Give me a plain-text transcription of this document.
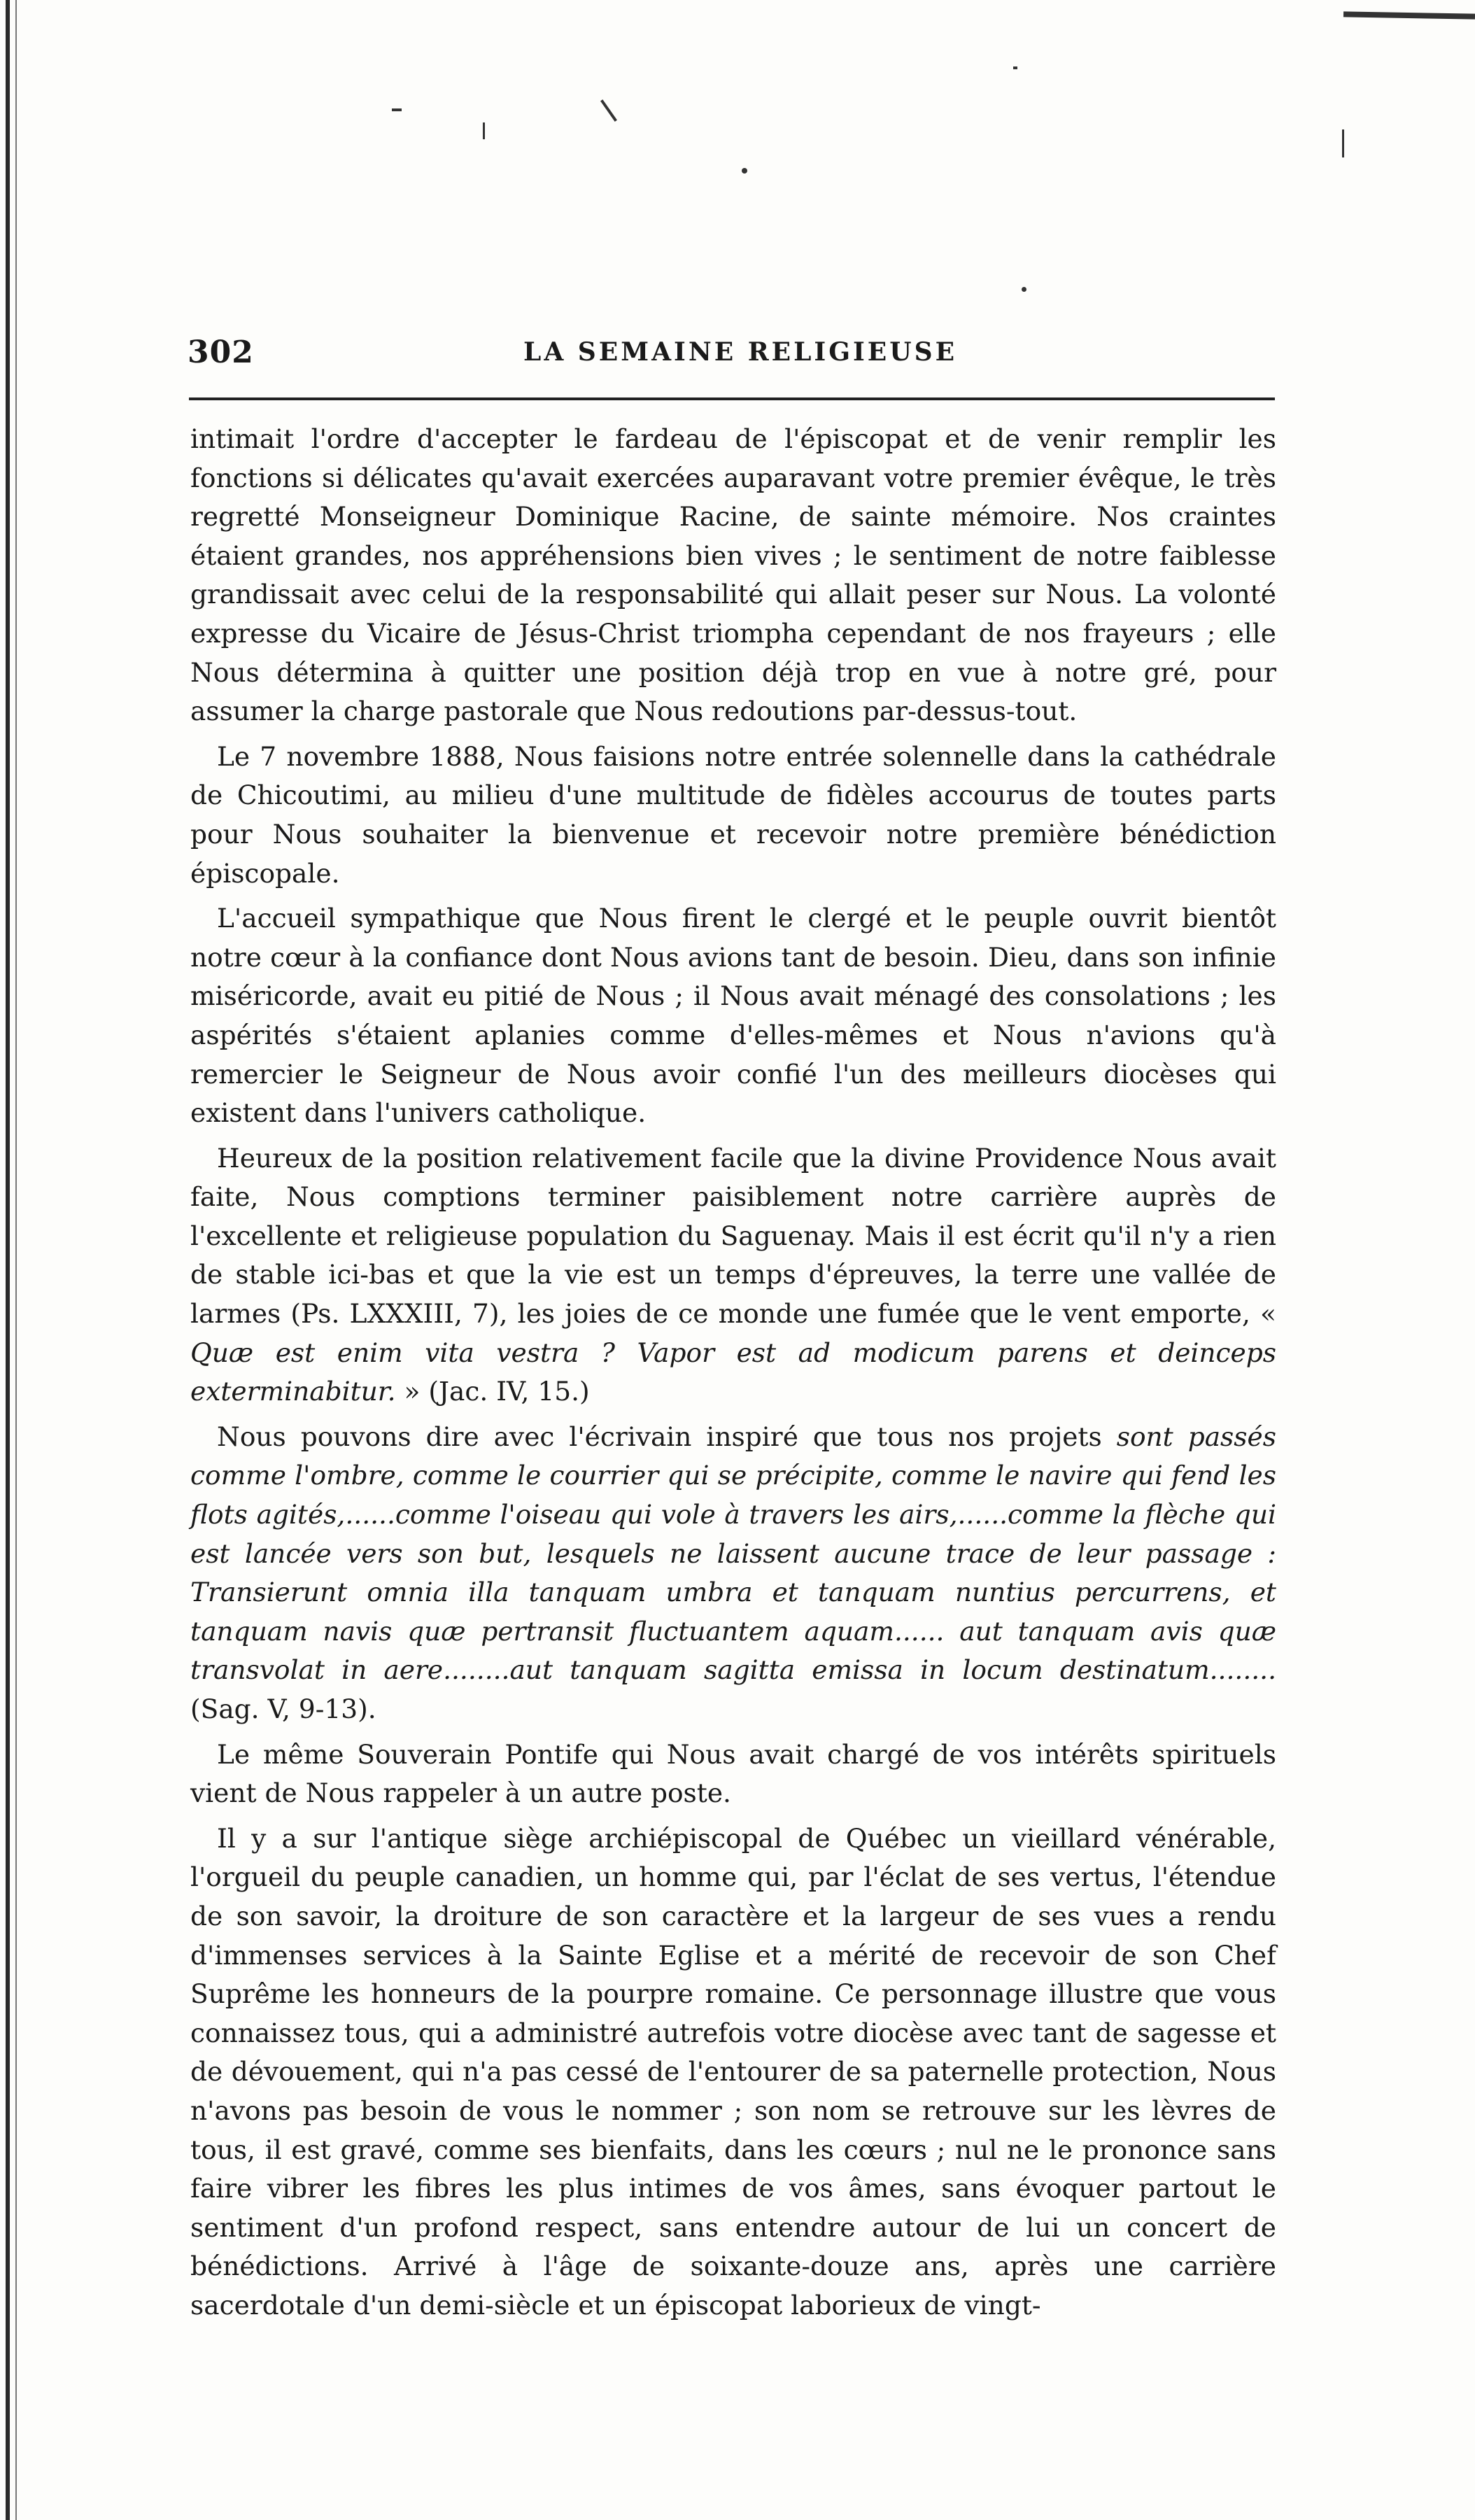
302	LA SEMAINE RELIGIEUSE

intimait l'ordre d'accepter le fardeau de l'épiscopat et de venir remplir les fonctions si délicates qu'avait exercées auparavant votre premier évêque, le très regretté Monseigneur Dominique Racine, de sainte mémoire. Nos craintes étaient grandes, nos appréhensions bien vives ; le sentiment de notre faiblesse grandissait avec celui de la responsabilité qui allait peser sur Nous. La volonté expresse du Vicaire de Jésus-Christ triompha cependant de nos frayeurs ; elle Nous détermina à quitter une position déjà trop en vue à notre gré, pour assumer la charge pastorale que Nous redoutions par-dessus-tout.

Le 7 novembre 1888, Nous faisions notre entrée solennelle dans la cathédrale de Chicoutimi, au milieu d'une multitude de fidèles accourus de toutes parts pour Nous souhaiter la bienvenue et recevoir notre première bénédiction épiscopale.

L'accueil sympathique que Nous firent le clergé et le peuple ouvrit bientôt notre cœur à la confiance dont Nous avions tant de besoin. Dieu, dans son infinie miséricorde, avait eu pitié de Nous ; il Nous avait ménagé des consolations ; les aspérités s'étaient aplanies comme d'elles-mêmes et Nous n'avions qu'à remercier le Seigneur de Nous avoir confié l'un des meilleurs diocèses qui existent dans l'univers catholique.

Heureux de la position relativement facile que la divine Providence Nous avait faite, Nous comptions terminer paisiblement notre carrière auprès de l'excellente et religieuse population du Saguenay. Mais il est écrit qu'il n'y a rien de stable ici-bas et que la vie est un temps d'épreuves, la terre une vallée de larmes (Ps. LXXXIII, 7), les joies de ce monde une fumée que le vent emporte, « Quæ est enim vita vestra ? Vapor est ad modicum parens et deinceps exterminabitur. » (Jac. IV, 15.)

Nous pouvons dire avec l'écrivain inspiré que tous nos projets sont passés comme l'ombre, comme le courrier qui se précipite, comme le navire qui fend les flots agités,......comme l'oiseau qui vole à travers les airs,......comme la flèche qui est lancée vers son but, lesquels ne laissent aucune trace de leur passage : Transierunt omnia illa tanquam umbra et tanquam nuntius percurrens, et tanquam navis quæ pertransit fluctuantem aquam...... aut tanquam avis quæ transvolat in aere........aut tanquam sagitta emissa in locum destinatum........ (Sag. V, 9-13).

Le même Souverain Pontife qui Nous avait chargé de vos intérêts spirituels vient de Nous rappeler à un autre poste.

Il y a sur l'antique siège archiépiscopal de Québec un vieillard vénérable, l'orgueil du peuple canadien, un homme qui, par l'éclat de ses vertus, l'étendue de son savoir, la droiture de son caractère et la largeur de ses vues a rendu d'immenses services à la Sainte Eglise et a mérité de recevoir de son Chef Suprême les honneurs de la pourpre romaine. Ce personnage illustre que vous connaissez tous, qui a administré autrefois votre diocèse avec tant de sagesse et de dévouement, qui n'a pas cessé de l'entourer de sa paternelle protection, Nous n'avons pas besoin de vous le nommer ; son nom se retrouve sur les lèvres de tous, il est gravé, comme ses bienfaits, dans les cœurs ; nul ne le prononce sans faire vibrer les fibres les plus intimes de vos âmes, sans évoquer partout le sentiment d'un profond respect, sans entendre autour de lui un concert de bénédictions. Arrivé à l'âge de soixante-douze ans, après une carrière sacerdotale d'un demi-siècle et un épiscopat laborieux de vingt-
